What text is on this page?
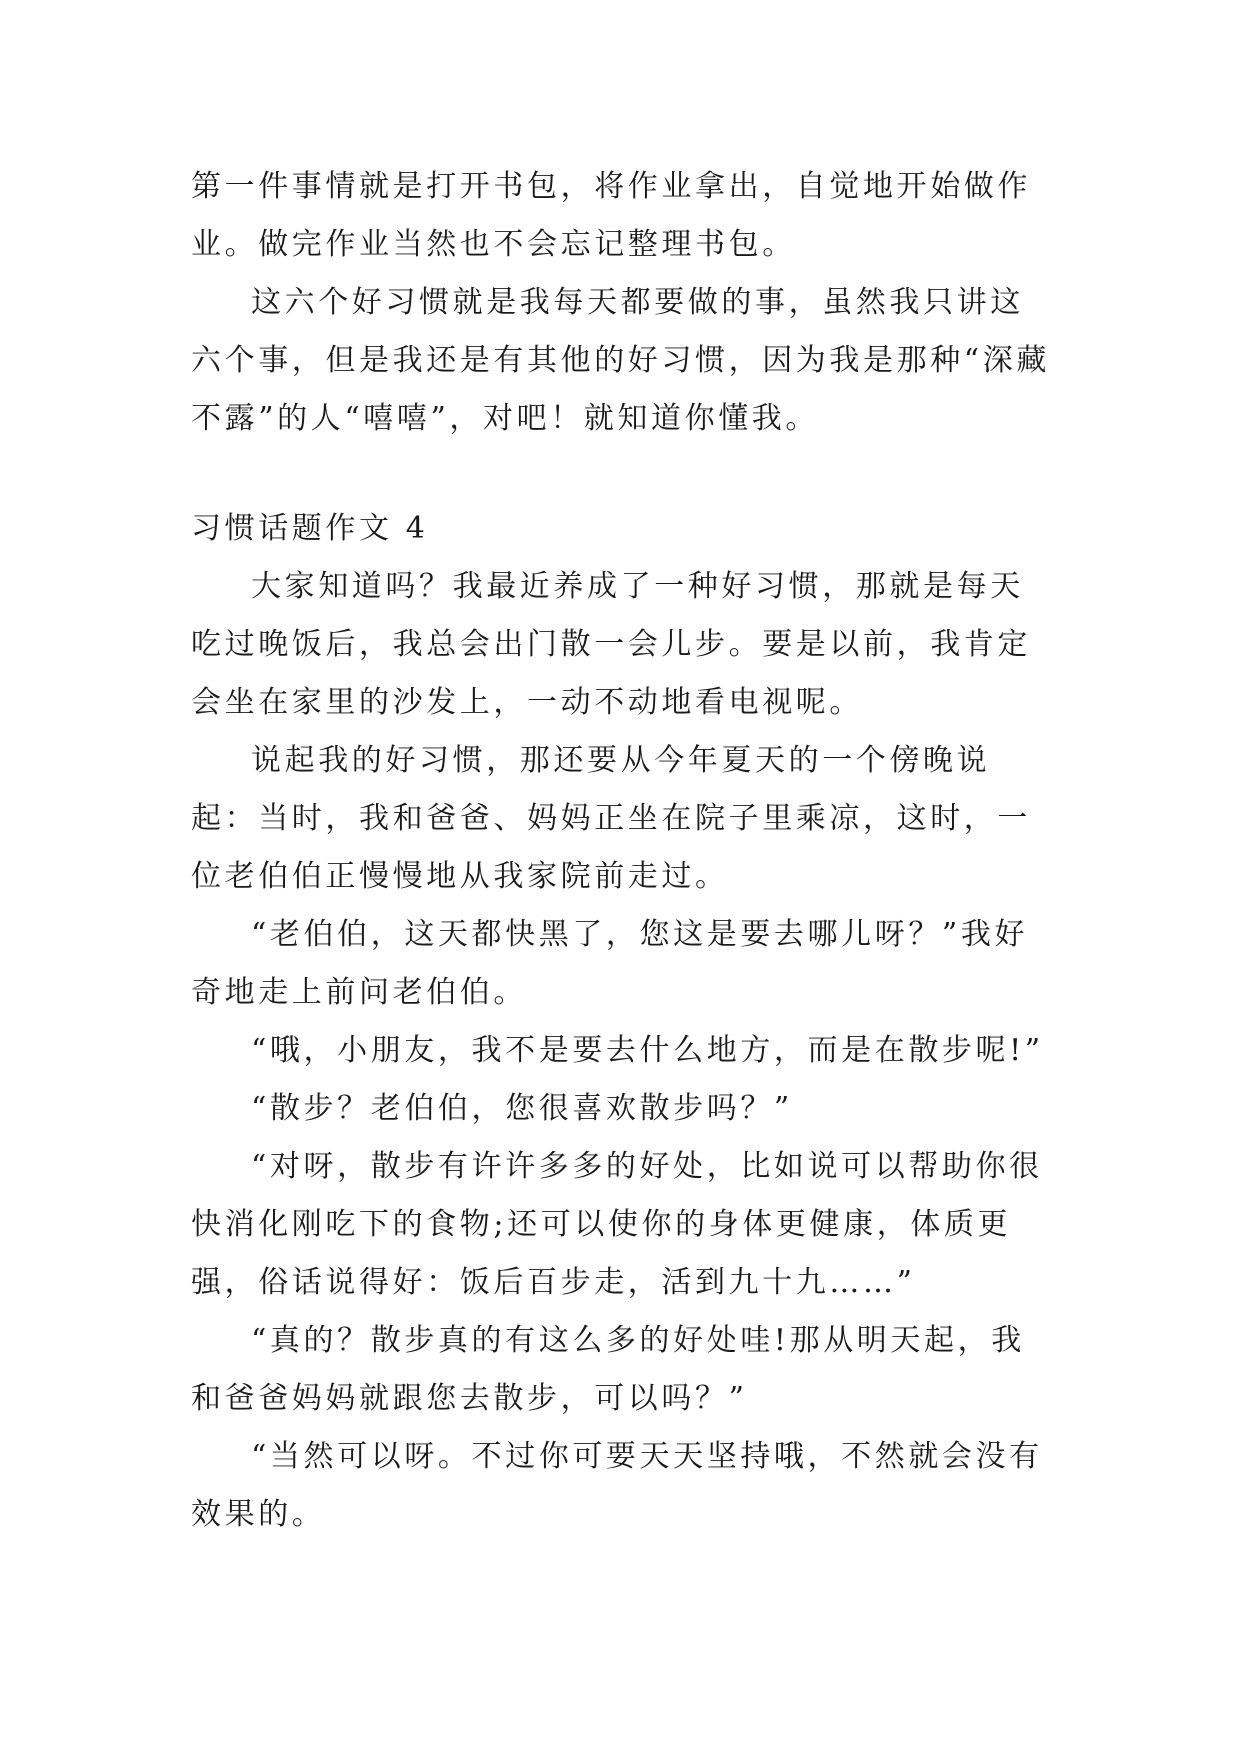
第一件事情就是打开书包，将作业拿出，自觉地开始做作业。做完作业当然也不会忘记整理书包。

这六个好习惯就是我每天都要做的事，虽然我只讲这六个事，但是我还是有其他的好习惯，因为我是那种“深藏不露”的人“嘻嘻”，对吧！就知道你懂我。

习惯话题作文 4

大家知道吗？我最近养成了一种好习惯，那就是每天吃过晚饭后，我总会出门散一会儿步。要是以前，我肯定会坐在家里的沙发上，一动不动地看电视呢。

说起我的好习惯，那还要从今年夏天的一个傍晚说起：当时，我和爸爸、妈妈正坐在院子里乘凉，这时，一位老伯伯正慢慢地从我家院前走过。

“老伯伯，这天都快黑了，您这是要去哪儿呀？”我好奇地走上前问老伯伯。

“哦，小朋友，我不是要去什么地方，而是在散步呢!”

“散步？老伯伯，您很喜欢散步吗？”

“对呀，散步有许许多多的好处，比如说可以帮助你很快消化刚吃下的食物;还可以使你的身体更健康，体质更强，俗话说得好：饭后百步走，活到九十九……”

“真的？散步真的有这么多的好处哇!那从明天起，我和爸爸妈妈就跟您去散步，可以吗？”

“当然可以呀。不过你可要天天坚持哦，不然就会没有效果的。
